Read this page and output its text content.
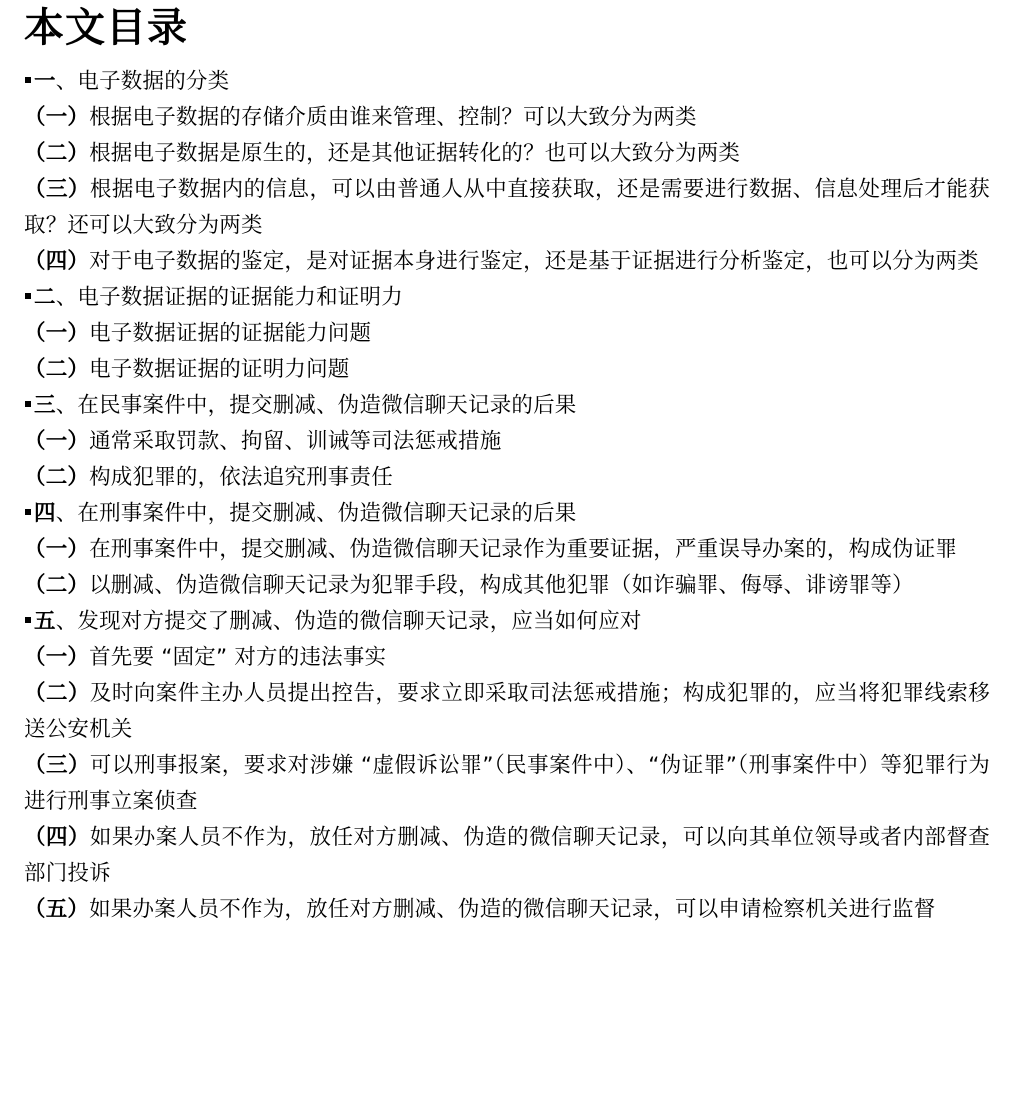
本文目录
一、电子数据的分类
（一）根据电子数据的存储介质由谁来管理、控制？可以大致分为两类
（二）根据电子数据是原生的，还是其他证据转化的？也可以大致分为两类
（三）根据电子数据内的信息，可以由普通人从中直接获取，还是需要进行数据、信息处理后才能获取？还可以大致分为两类
（四）对于电子数据的鉴定，是对证据本身进行鉴定，还是基于证据进行分析鉴定，也可以分为两类
二、电子数据证据的证据能力和证明力
（一）电子数据证据的证据能力问题
（二）电子数据证据的证明力问题
三、在民事案件中，提交删减、伪造微信聊天记录的后果
（一）通常采取罚款、拘留、训诫等司法惩戒措施
（二）构成犯罪的，依法追究刑事责任
四、在刑事案件中，提交删减、伪造微信聊天记录的后果
（一）在刑事案件中，提交删减、伪造微信聊天记录作为重要证据，严重误导办案的，构成伪证罪
（二）以删减、伪造微信聊天记录为犯罪手段，构成其他犯罪（如诈骗罪、侮辱、诽谤罪等）
五、发现对方提交了删减、伪造的微信聊天记录，应当如何应对
（一）首先要 “固定” 对方的违法事实
（二）及时向案件主办人员提出控告，要求立即采取司法惩戒措施；构成犯罪的，应当将犯罪线索移送公安机关
（三）可以刑事报案，要求对涉嫌 “虚假诉讼罪”（民事案件中）、“伪证罪”（刑事案件中）等犯罪行为进行刑事立案侦查
（四）如果办案人员不作为，放任对方删减、伪造的微信聊天记录，可以向其单位领导或者内部督查部门投诉
（五）如果办案人员不作为，放任对方删减、伪造的微信聊天记录，可以申请检察机关进行监督
